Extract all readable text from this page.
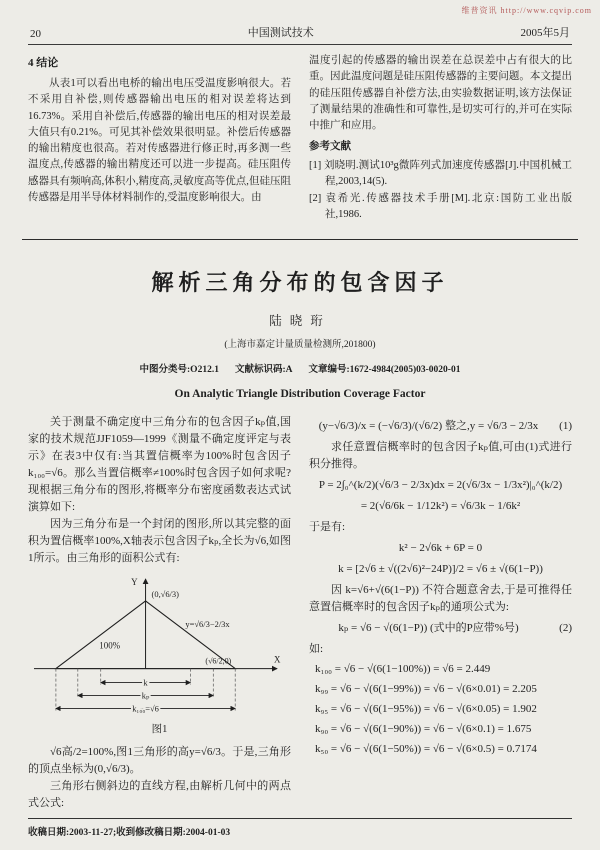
维普资讯 http://www.cqvip.com
20	中国测试技术	2005年5月
4 结论

从表1可以看出电桥的输出电压受温度影响很大。若不采用自补偿,则传感器输出电压的相对误差将达到16.73%。采用自补偿后,传感器的输出电压的相对误差最大值只有0.21%。可见其补偿效果很明显。补偿后传感器的输出精度也很高。若对传感器进行修正时,再多测一些温度点,传感器的输出精度还可以进一步提高。硅压阻传感器具有频响高,体积小,精度高,灵敏度高等优点,但硅压阻传感器是用半导体材料制作的,受温度影响很大。由

温度引起的传感器的输出误差在总误差中占有很大的比重。因此温度问题是硅压阻传感器的主要问题。本文提出的硅压阻传感器自补偿方法,由实验数据证明,该方法保证了测量结果的准确性和可靠性,是切实可行的,并可在实际中推广和应用。

参考文献

[1] 刘晓明.测试10³g微阵列式加速度传感器[J].中国机械工程,2003,14(5).

[2] 袁希光.传感器技术手册[M].北京:国防工业出版社,1986.

解析三角分布的包含因子
陆晓珩
(上海市嘉定计量质量检测所,201800)
中图分类号:O212.1 文献标识码:A 文章编号:1672-4984(2005)03-0020-01
On Analytic Triangle Distribution Coverage Factor

关于测量不确定度中三角分布的包含因子kₚ值,国家的技术规范JJF1059—1999《测量不确定度评定与表示》在表3中仅有:当其置信概率为100%时包含因子k₁₀₀=√6。那么当置信概率≠100%时包含因子如何求呢?现根据三角分布的图形,将概率分布密度函数表达式试演算如下:

因为三角分布是一个封闭的图形,所以其完整的面积为置信概率100%,X轴表示包含因子kₚ,全长为√6,如图1所示。由三角形的面积公式有:

Y
X
(0,√6/3)
100%
y=√6/3−2/3x
(√6/2,0)
k
kₚ
k₁₀₀=√6
图1

√6高/2=100%,图1三角形的高y=√6/3。于是,三角形的顶点坐标为(0,√6/3)。

三角形右侧斜边的直线方程,由解析几何中的两点式公式:

(y−√6/3)/x = (−√6/3)/(√6/2) 整之,y = √6/3 − 2/3x	(1)

求任意置信概率时的包含因子kₚ值,可由(1)式进行积分推得。

P = 2∫₀^(k/2)(√6/3 − 2/3x)dx = 2(√6/3x − 1/3x²)|₀^(k/2)
= 2(√6/6k − 1/12k²) = √6/3k − 1/6k²

于是有:

k² − 2√6k + 6P = 0
k = [2√6 ± √((2√6)²−24P)]/2 = √6 ± √(6(1−P))

因 k=√6+√(6(1−P)) 不符合题意舍去,于是可推得任意置信概率时的包含因子kₚ的通项公式为:

kₚ = √6 − √(6(1−P)) (式中的P应带%号)	(2)

如:

k₁₀₀ = √6 − √(6(1−100%)) = √6 = 2.449

k₉₉ = √6 − √(6(1−99%)) = √6 − √(6×0.01) = 2.205

k₉₅ = √6 − √(6(1−95%)) = √6 − √(6×0.05) = 1.902

k₉₀ = √6 − √(6(1−90%)) = √6 − √(6×0.1) = 1.675

k₅₀ = √6 − √(6(1−50%)) = √6 − √(6×0.5) = 0.7174

收稿日期:2003-11-27;收到修改稿日期:2004-01-03
